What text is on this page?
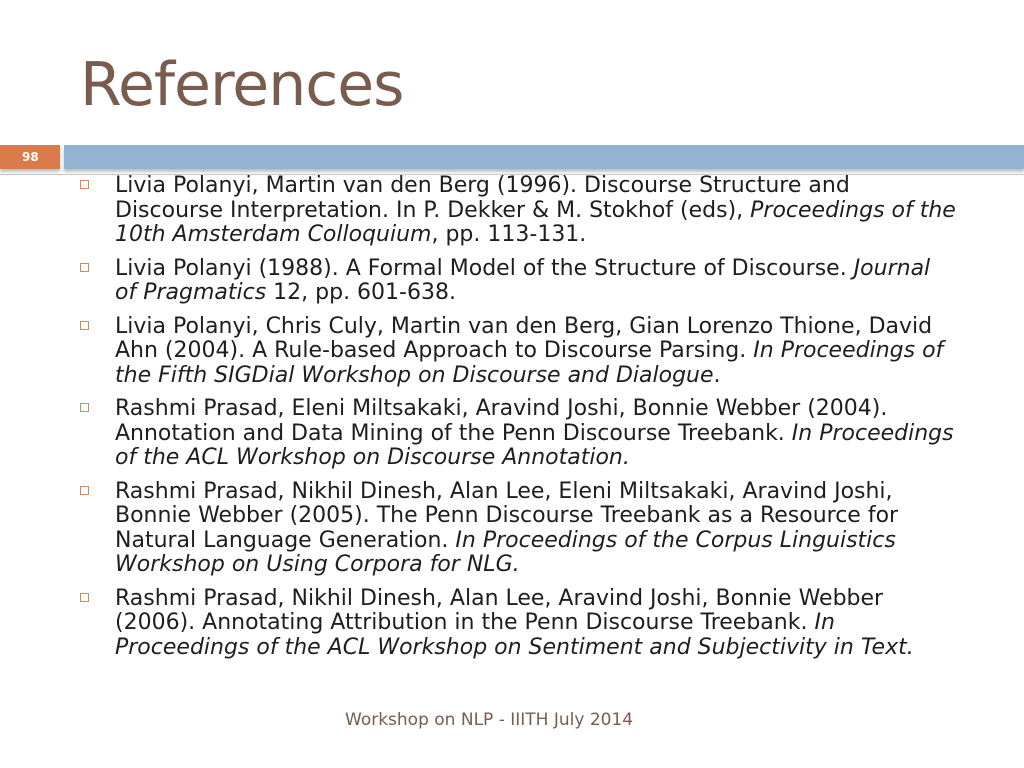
References
98
Livia Polanyi, Martin van den Berg (1996). Discourse Structure and Discourse Interpretation. In P. Dekker & M. Stokhof (eds), Proceedings of the 10th Amsterdam Colloquium, pp. 113-131.
Livia Polanyi (1988). A Formal Model of the Structure of Discourse. Journal of Pragmatics 12, pp. 601-638.
Livia Polanyi, Chris Culy, Martin van den Berg, Gian Lorenzo Thione, David Ahn (2004). A Rule-based Approach to Discourse Parsing. In Proceedings of the Fifth SIGDial Workshop on Discourse and Dialogue.
Rashmi Prasad, Eleni Miltsakaki, Aravind Joshi, Bonnie Webber (2004). Annotation and Data Mining of the Penn Discourse Treebank. In Proceedings of the ACL Workshop on Discourse Annotation.
Rashmi Prasad, Nikhil Dinesh, Alan Lee, Eleni Miltsakaki, Aravind Joshi, Bonnie Webber (2005). The Penn Discourse Treebank as a Resource for Natural Language Generation. In Proceedings of the Corpus Linguistics Workshop on Using Corpora for NLG.
Rashmi Prasad, Nikhil Dinesh, Alan Lee, Aravind Joshi, Bonnie Webber (2006). Annotating Attribution in the Penn Discourse Treebank. In Proceedings of the ACL Workshop on Sentiment and Subjectivity in Text.
Workshop on NLP - IIITH July 2014
